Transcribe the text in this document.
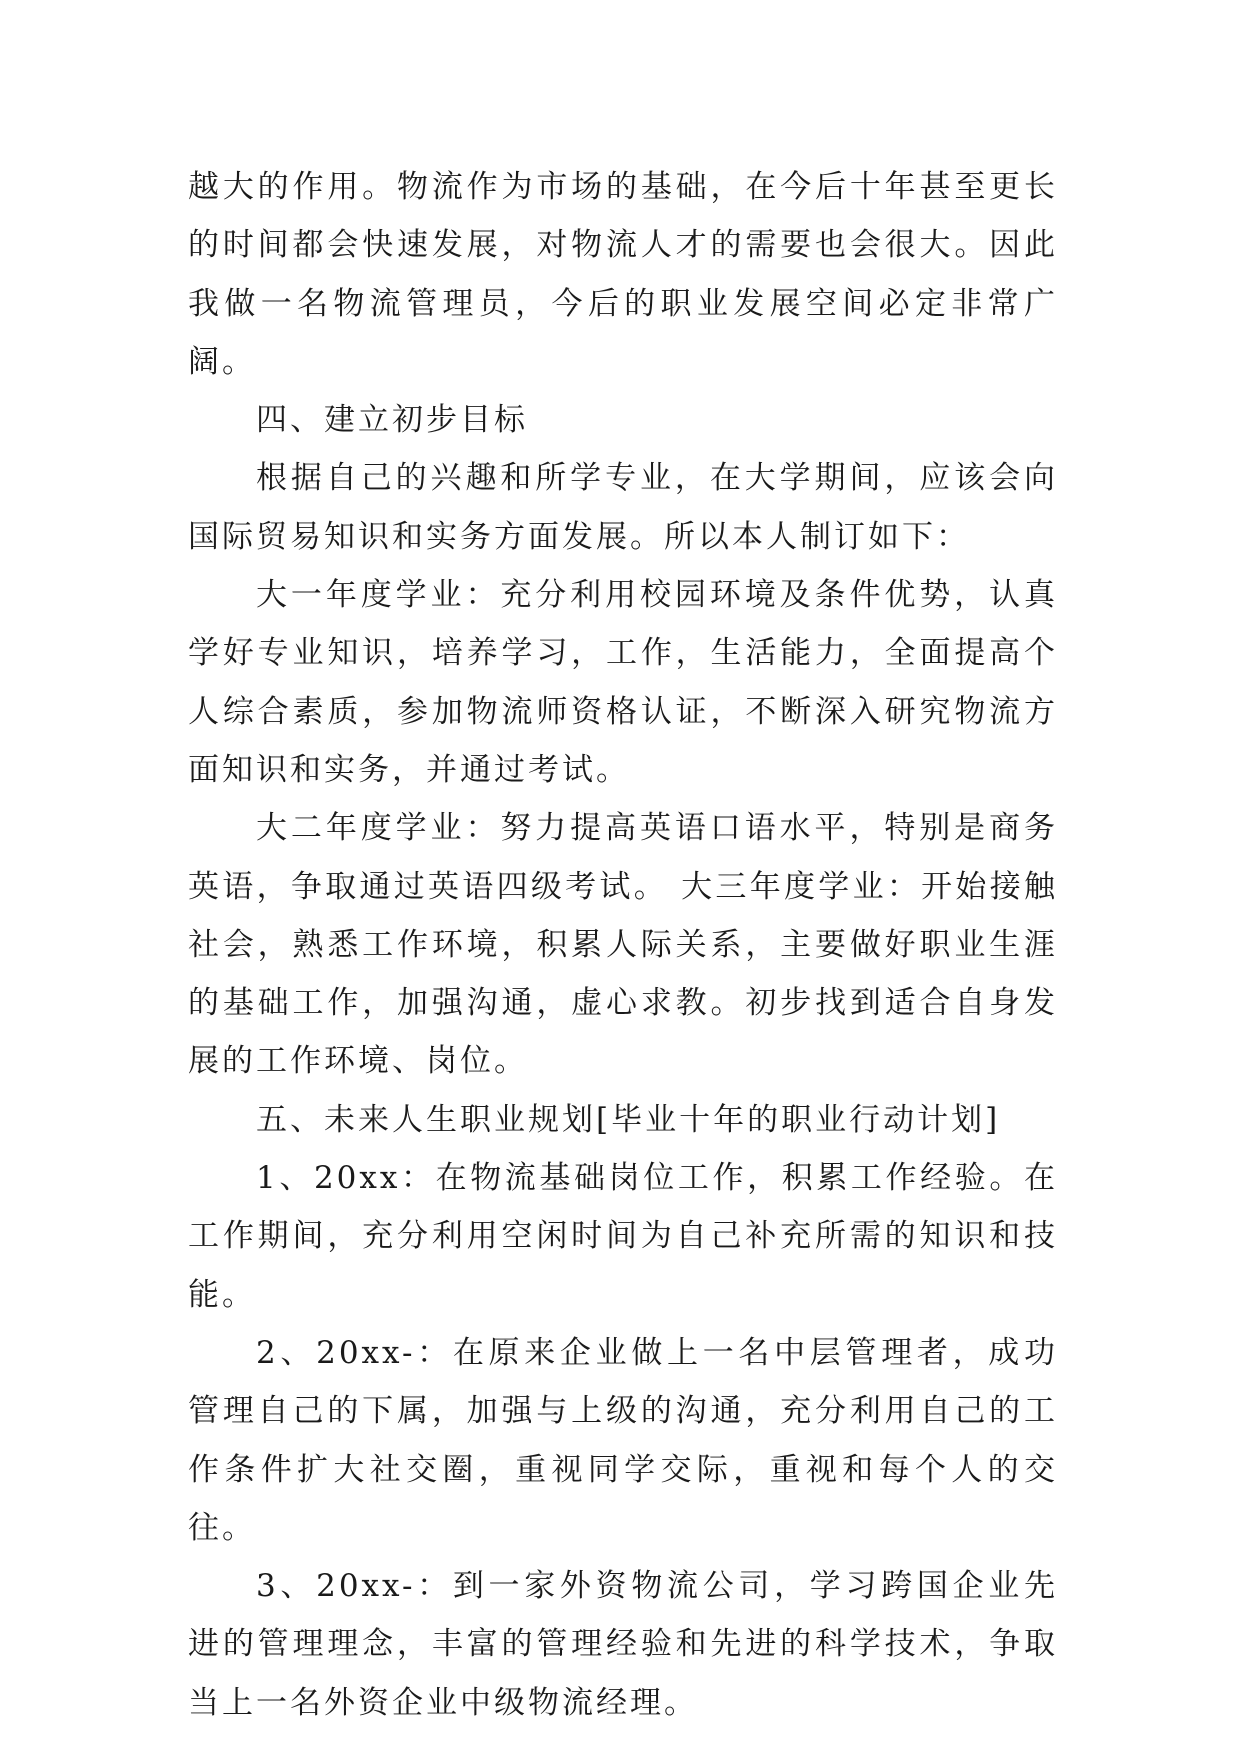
越大的作用。物流作为市场的基础，在今后十年甚至更长的时间都会快速发展，对物流人才的需要也会很大。因此我做一名物流管理员，今后的职业发展空间必定非常广阔。

四、建立初步目标

根据自己的兴趣和所学专业，在大学期间，应该会向国际贸易知识和实务方面发展。所以本人制订如下：

大一年度学业：充分利用校园环境及条件优势，认真学好专业知识，培养学习，工作，生活能力，全面提高个人综合素质，参加物流师资格认证，不断深入研究物流方面知识和实务，并通过考试。

大二年度学业：努力提高英语口语水平，特别是商务英语，争取通过英语四级考试。 大三年度学业：开始接触社会，熟悉工作环境，积累人际关系，主要做好职业生涯的基础工作，加强沟通，虚心求教。初步找到适合自身发展的工作环境、岗位。

五、未来人生职业规划[毕业十年的职业行动计划]

1、20xx：在物流基础岗位工作，积累工作经验。在工作期间，充分利用空闲时间为自己补充所需的知识和技能。

2、20xx-：在原来企业做上一名中层管理者，成功管理自己的下属，加强与上级的沟通，充分利用自己的工作条件扩大社交圈，重视同学交际，重视和每个人的交往。

3、20xx-：到一家外资物流公司，学习跨国企业先进的管理理念，丰富的管理经验和先进的科学技术，争取当上一名外资企业中级物流经理。
